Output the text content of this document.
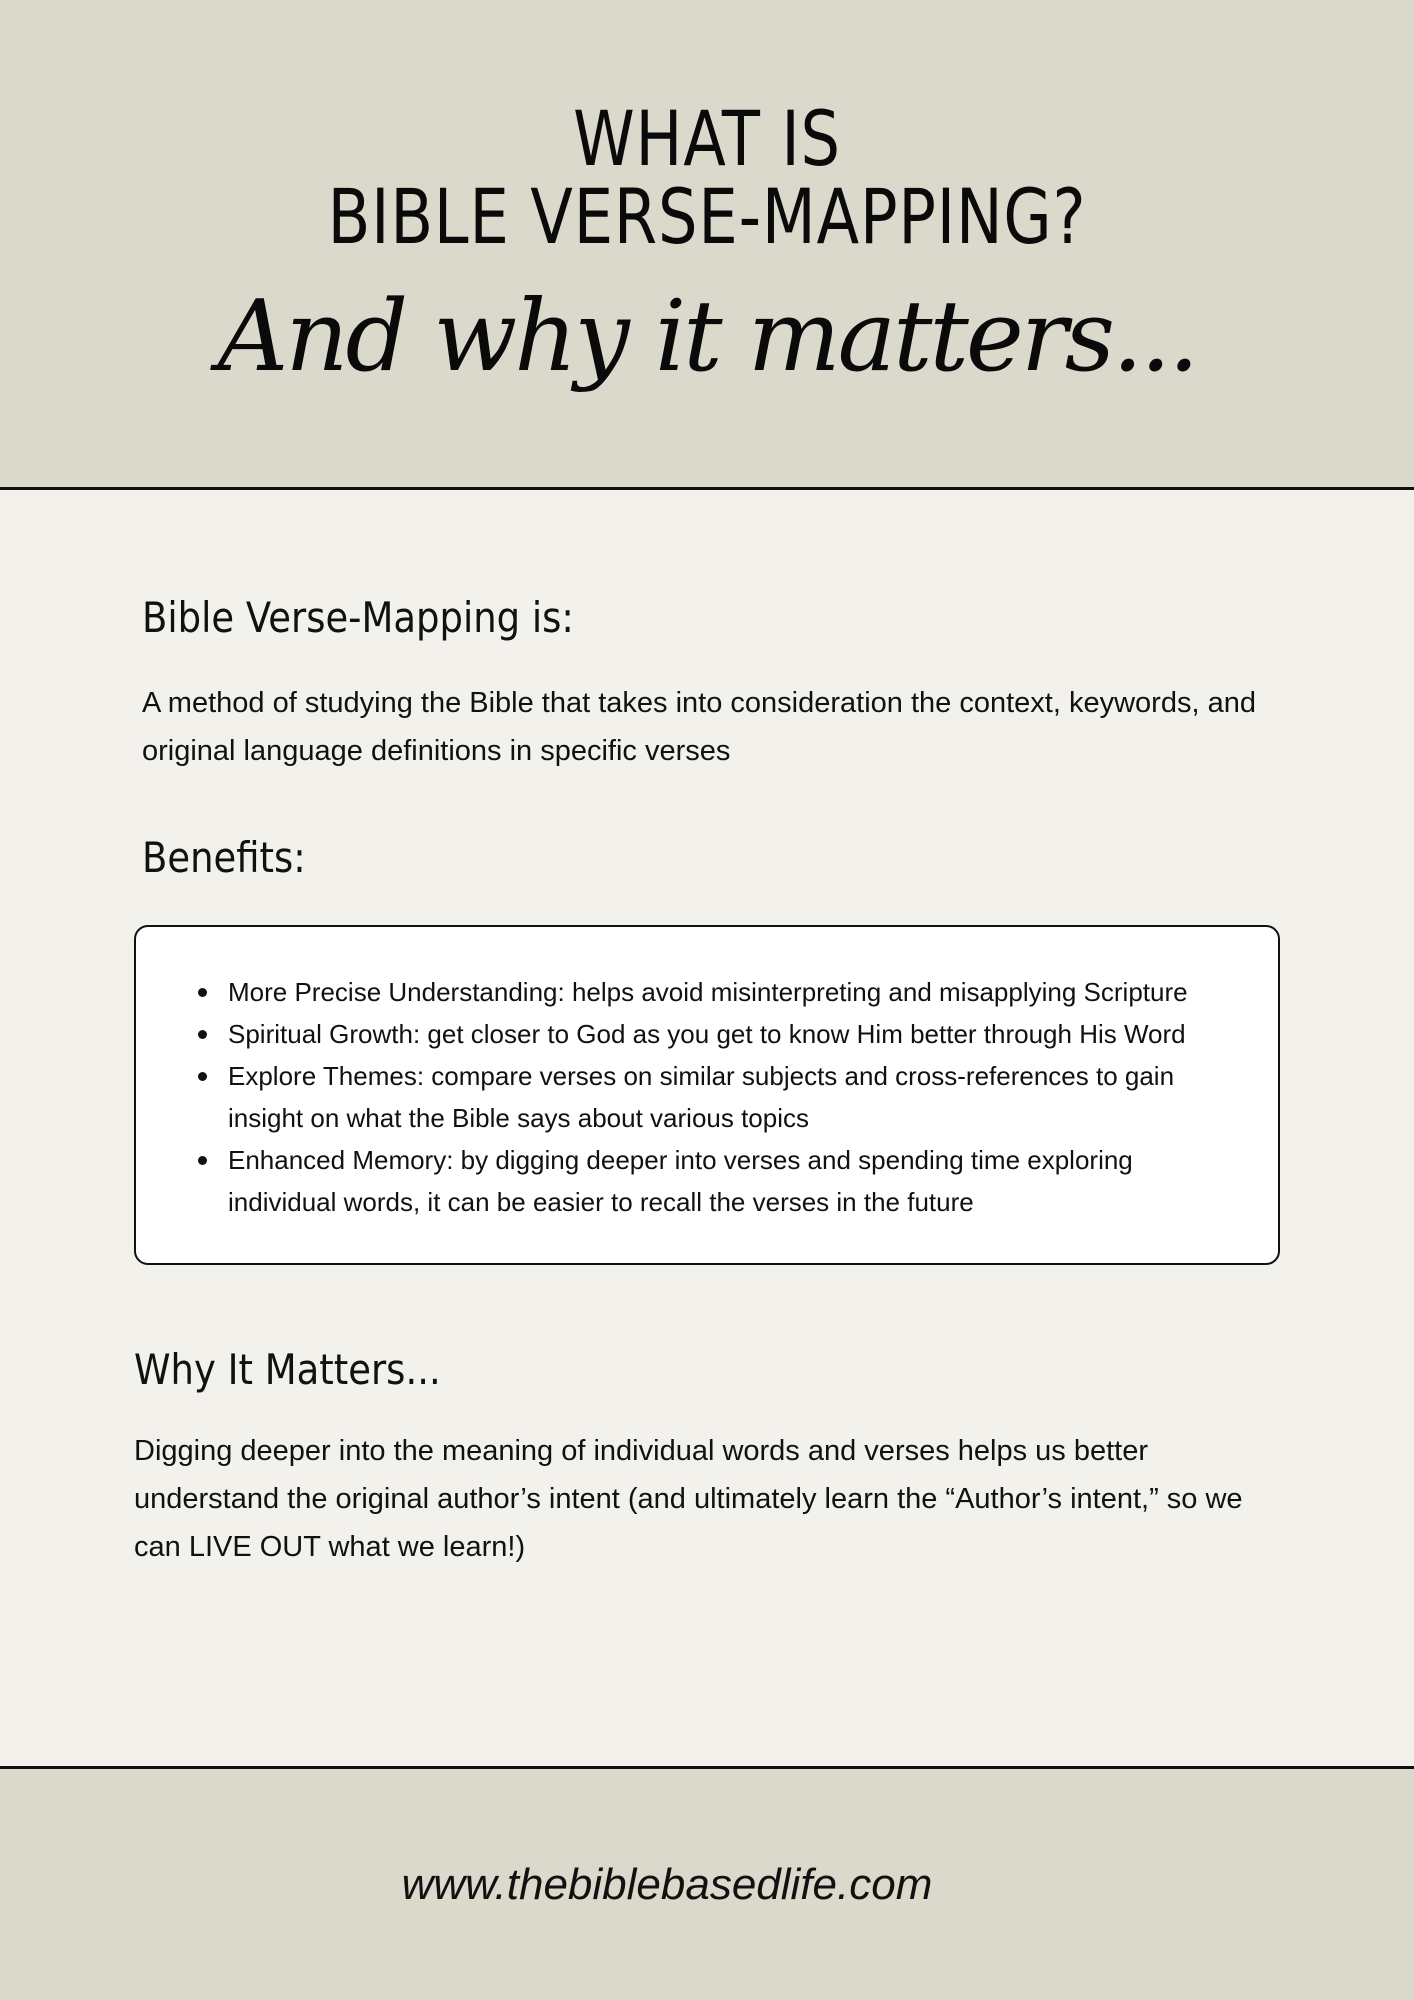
WHAT IS
BIBLE VERSE-MAPPING?
And why it matters...
Bible Verse-Mapping is:

A method of studying the Bible that takes into consideration the context, keywords, and original language definitions in specific verses

Benefits:
More Precise Understanding: helps avoid misinterpreting and misapplying Scripture
Spiritual Growth: get closer to God as you get to know Him better through His Word
Explore Themes: compare verses on similar subjects and cross-references to gain insight on what the Bible says about various topics
Enhanced Memory: by digging deeper into verses and spending time exploring individual words, it can be easier to recall the verses in the future
Why It Matters...

Digging deeper into the meaning of individual words and verses helps us better understand the original author’s intent (and ultimately learn the “Author’s intent,” so we can LIVE OUT what we learn!)

www.thebiblebasedlife.com
